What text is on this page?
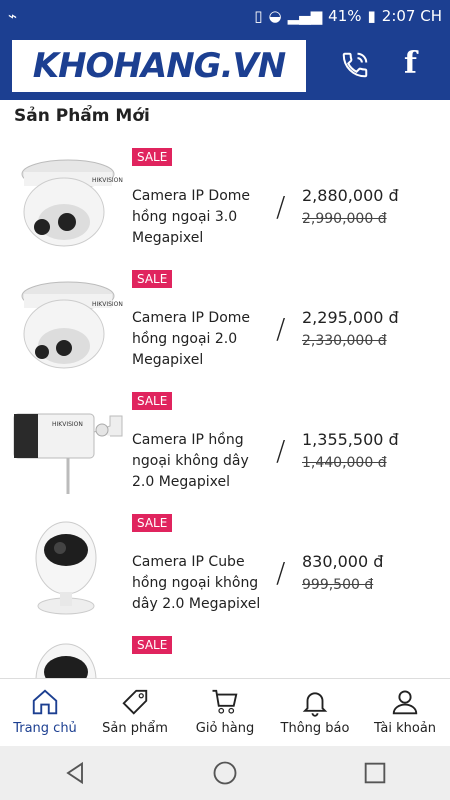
⌁	▯ ◒ ▂▄▆ 41% ▮ 2:07 CH
KHOHANG.VN	f
Sản Phẩm Mới
HIKVISION
SALE
Camera IP Dome hồng ngoại 3.0 Megapixel
/ 2,880,000 đ
2,990,000 đ
HIKVISION
SALE
Camera IP Dome hồng ngoại 2.0 Megapixel
/ 2,295,000 đ
2,330,000 đ
HIKVISION
SALE
Camera IP hồng ngoại không dây 2.0 Megapixel
/ 1,355,500 đ
1,440,000 đ
SALE
Camera IP Cube hồng ngoại không dây 2.0 Megapixel
/ 830,000 đ
999,500 đ
SALE
Trang chủ Sản phẩm Giỏ hàng Thông báo Tài khoản
